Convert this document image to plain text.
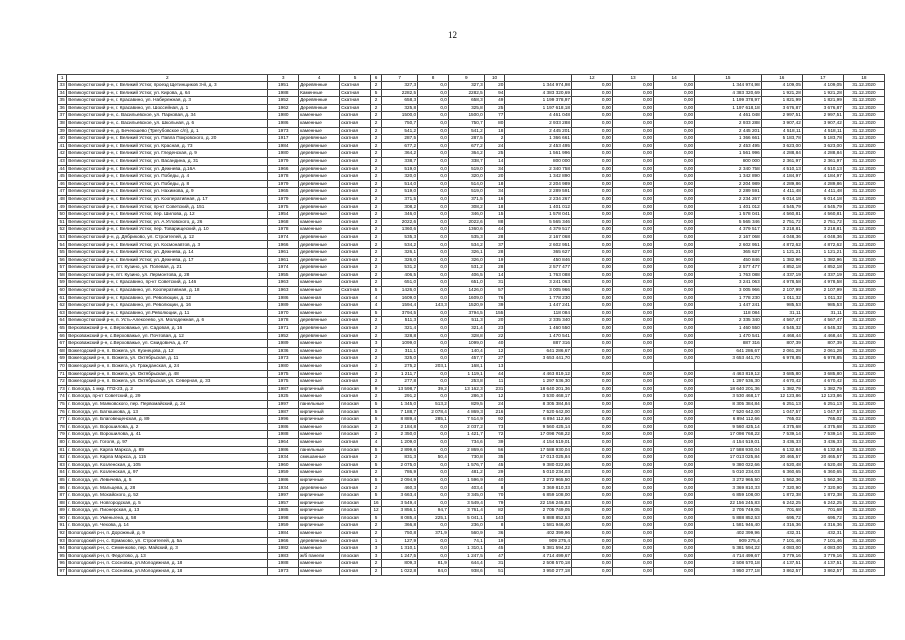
12
1	2	3	4	5	6	7	8	9	10		12	13	14	15	16	17	18
33	Великоустюгский р-н, г. Великий Устюг, проезд Щетинщиков 3-й, д. 3	1951	Деревянные	Скатная	2	327,3	0,0	327,3	20	1 344 974,98	0,00	0,00	0,00	1 344 974,98	4 109,05	4 109,05	31.12.2020
34	Великоустюгский р-н, г. Великий Устюг, ул. Кирова, д. 64	1988	Каменные	Скатная	5	2282,5	0,0	2282,5	94	4 383 320,69	0,00	0,00	0,00	4 383 320,69	1 921,28	1 921,28	31.12.2020
35	Великоустюгский р-н, г. Красавино, ул. Набережная, д. 3	1952	Деревянные	Скатная	2	658,3	0,0	658,3	49	1 199 378,97	0,00	0,00	0,00	1 199 378,97	1 821,99	1 821,99	31.12.2020
36	Великоустюгский р-н, г. Красавино, ул. Шоссейная, д. 1	1962	Деревянные	Скатная	2	325,8	0,0	325,8	25	1 197 618,18	0,00	0,00	0,00	1 197 618,18	3 676,87	3 676,87	31.12.2020
37	Великоустюгский р-н, с. Васильевское, ул. Парковая, д. 34	1980	каменные	скатная	2	1500,0	0,0	1500,0	77	4 461 048	0,00	0,00	0,00	4 461 048	2 997,51	2 997,51	31.12.2020
38	Великоустюгский р-н, с. Васильевское, ул. Школьная, д. 6	1986	каменные	скатная	2	750,7	0,0	750,7	80	2 933 288	0,00	0,00	0,00	2 933 288	3 907,42	3 907,42	31.12.2020
39	Великоустюгский р-н, д. Бечеюшево (Трегубовское с/п), д. 1	1973	каменные	скатная	2	541,2	0,0	541,2	18	2 445 201	0,00	0,00	0,00	2 445 201	4 518,11	4 518,11	31.12.2020
40	Великоустюгский р-н, г. Великий Устюг, ул. Павла Покровского, д. 20	1917	деревянные	скатная	2	287,5	0,0	287,5	2	1 366 661	0,00	0,00	0,00	1 366 661	5 183,78	5 183,78	31.12.2020
41	Великоустюгский р-н, г. Великий Устюг, ул. Красная, д. 73	1984	деревянные	скатная	2	677,2	0,0	677,2	24	2 453 495	0,00	0,00	0,00	2 453 495	3 623,00	3 623,00	31.12.2020
42	Великоустюгский р-н, г. Великий Устюг, ул. Гледенская, д. 9	1980	деревянные	скатная	2	364,2	0,0	364,2	25	1 561 996	0,00	0,00	0,00	1 561 996	4 288,84	4 288,84	31.12.2020
43	Великоустюгский р-н, г. Великий Устюг, ул. Васандина, д. 31	1979	деревянные	скатная	2	338,7	0,0	338,7	14	800 000	0,00	0,00	0,00	800 000	2 361,97	2 361,97	31.12.2020
44	Великоустюгский р-н, г. Великий Устюг, ул. Дежнева, д.16А	1966	деревянные	скатная	2	519,0	0,0	519,0	34	2 340 758	0,00	0,00	0,00	2 340 758	4 510,13	4 510,13	31.12.2020
45	Великоустюгский р-н, г. Великий Устюг, ул. Победы, д. 4	1978	деревянные	скатная	2	320,0	0,0	320,0	20	1 342 890	0,00	0,00	0,00	1 342 890	4 184,97	4 184,97	31.12.2020
46	Великоустюгский р-н, г. Великий Устюг, ул. Победы, д. 8	1979	деревянные	скатная	2	514,0	0,0	514,0	18	2 204 989	0,00	0,00	0,00	2 204 989	4 289,86	4 289,86	31.12.2020
47	Великоустюгский р-н, г. Великий Устюг, ул. Нахимова, д. 9	1965	деревянные	скатная	2	519,0	0,0	519,0	34	2 289 591	0,00	0,00	0,00	2 289 591	4 411,48	4 411,48	31.12.2020
48	Великоустюгский р-н, г. Великий Устюг, ул. Кооперативная, д. 17	1979	деревянные	скатная	2	371,5	0,0	371,5	16	2 234 267	0,00	0,00	0,00	2 234 267	6 014,18	6 014,18	31.12.2020
49	Великоустюгский р-н, г. Великий Устюг, пр-кт Советский, д. 151	1975	деревянные	скатная	2	308,2	0,0	308,2	18	1 401 012	0,00	0,00	0,00	1 401 012	4 545,79	4 545,79	31.12.2020
50	Великоустюгский р-н, г. Великий Устюг, пер. Шилова, д. 12	1954	деревянные	скатная	2	346,0	0,0	346,0	15	1 578 041	0,00	0,00	0,00	1 578 041	4 560,81	4 560,81	31.12.2020
51	Великоустюгский р-н, г. Великий Устюг, ул. А.Угловского, д. 26	1968	каменные	скатная	2	2022,6	0,0	2022,6	88	5 565 346	0,00	0,00	0,00	5 565 346	2 751,72	2 751,72	31.12.2020
52	Великоустюгский р-н, г. Великий Устюг, пер. Товарищеский, д. 10	1978	каменные	скатная	2	1360,6	0,0	1360,6	44	4 379 517	0,00	0,00	0,00	4 379 517	3 218,81	3 218,81	31.12.2020
53	Великоустюгский р-н, д. Дябриково, ул. Строителей, д. 12	1974	деревянные	скатная	2	535,3	0,0	535,3	28	2 167 068	0,00	0,00	0,00	2 167 068	4 048,36	4 048,36	31.12.2020
54	Великоустюгский р-н, г. Великий Устюг, ул. Космонавтов, д. 3	1966	деревянные	скатная	2	534,2	0,0	534,2	37	2 602 951	0,00	0,00	0,00	2 602 951	4 872,62	4 872,62	31.12.2020
55	Великоустюгский р-н, г. Великий Устюг, ул. Дежнева, д. 14	1961	деревянные	скатная	2	326,1	0,0	326,1	28	365 627	0,00	0,00	0,00	365 627	1 121,21	1 121,21	31.12.2020
56	Великоустюгский р-н, г. Великий Устюг, ул. Дежнева, д. 17	1961	деревянные	скатная	2	326,0	0,0	326,0	19	450 846	0,00	0,00	0,00	450 846	1 382,96	1 382,96	31.12.2020
57	Великоустюгский р-н, пгт. Кузино, ул. Полевая, д. 21	1974	деревянные	скатная	2	531,2	0,0	531,2	28	2 577 477	0,00	0,00	0,00	2 577 477	4 852,18	4 852,18	31.12.2020
58	Великоустюгский р-н, пгт. Кузино, ул. Лермонтова, д. 28	1955	деревянные	скатная	2	406,5	0,0	406,5	14	1 763 088	0,00	0,00	0,00	1 763 088	4 337,19	4 337,19	31.12.2020
59	Великоустюгский р-н, г. Красавино, пр-кт Советский, д. 146	1963	каменные	скатная	2	651,0	0,0	651,0	31	3 241 063	0,00	0,00	0,00	3 241 063	4 978,58	4 978,58	31.12.2020
60	Великоустюгский р-н, г. Красавино, ул. Кооперативная, д. 18	1963	каменные	Скатная	5	1426,0	0,0	1426,0	57	3 005 966	0,00	0,00	0,00	3 005 966	2 107,99	2 107,99	31.12.2020
61	Великоустюгский р-н, г. Красавино, ул. Революции, д. 12	1986	каменная	скатная	4	1609,0	0,0	1609,0	76	1 778 230	0,00	0,00	0,00	1 778 230	1 011,32	1 011,32	31.12.2020
62	Великоустюгский р-н, г. Красавино, ул. Революции, д. 16	1989	каменные	скатная	4	1594,4	143,3	1520,9	39	1 447 241	0,00	0,00	0,00	1 447 241	985,53	985,53	31.12.2020
63	Великоустюгский р-н, г. Красавино, ул.Революции, д. 11	1970	каменные	скатная	5	3794,5	0,0	3794,5	155	118 084	0,00	0,00	0,00	118 084	31,11	31,11	31.12.2020
64	Великоустюгский р-н, п. Усть-Алексеево, ул. Молодежная, д. 6	1978	деревянные	скатная	2	511,3	0,0	511,3	20	2 335 340	0,00	0,00	0,00	2 335 340	4 567,47	4 567,47	31.12.2020
65	Верховажский р-н, с.Верховажье, ул. Садовая, д. 16	1971	деревянные	скатная	2	321,4	0,0	321,4	23	1 460 550	0,00	0,00	0,00	1 460 550	4 545,32	4 545,32	31.12.2020
66	Верховажский р-н, с.Верховажье, ул. Почтовая, д. 12	1952	деревянные	скатная	2	328,8	0,0	328,8	22	1 470 541	0,00	0,00	0,00	1 470 541	4 468,44	4 468,44	31.12.2020
67	Верховажский р-н, с.Верховажье, ул. Смидовича, д. 47	1989	каменные	скатная	3	1099,0	0,0	1099,0	40	887 316	0,00	0,00	0,00	887 316	807,39	807,39	31.12.2020
68	Вожегодский р-н, п. Вожега, ул. Кузнецова, д. 12	1936	каменные	скатная	2	311,1	0,0	140,4	12	641 286,67	0,00	0,00	0,00	641 286,67	2 061,28	2 061,28	31.12.2020
69	Вожегодский р-н, п. Вожега, ул. Октябрьская, д. 11	1973	каменные	скатная	2	325,0	0,0	457,7	27	3 653 441,70	0,00	0,00	0,00	3 653 441,70	6 978,85	6 978,85	31.12.2020
70	Вожегодский р-н, п. Вожега, ул. Гражданская, д. 24	1980	каменные	скатная	2	275,2	203,1	168,1	13								31.12.2020
71	Вожегодский р-н, п. Вожега, ул. Октябрьская, д. 48	1975	каменные	скатная	2	1 211,7	0,0	1 119,1	44	4 463 819,12	0,00	0,00	0,00	4 463 819,12	3 685,80	3 685,80	31.12.2020
72	Вожегодский р-н, п. Вожега, ул. Октябрьская, ул. Северная, д. 33	1975	каменные	скатная	2	277,8	0,0	253,8	11	1 297 536,30	0,00	0,00	0,00	1 297 536,30	4 670,42	4 670,42	31.12.2020
73	г. Вологда, 1 мкр. ГПЗ-23, д. 2	1987	кирпичный	плоская	9	13 598,7	39,2	13 162,3	231	18 640 201,36	0,00	0,00	0,00	18 640 201,36	1 382,79	1 382,79	31.12.2020
74	г. Вологда, пр-кт Советский, д. 29	1925	каменные	скатная	2	291,2	0,0	286,3	12	3 530 468,17	0,00	0,00	0,00	3 530 468,17	12 123,86	12 123,86	31.12.2020
75	г. Вологда, ул. Маяковского, пер. Первомайский, д. 24	1997	панельные	плоская	5	1 345,0	513,2	829,5	24	8 305 384,84	0,00	0,00	0,00	8 305 384,84	6 251,13	6 251,13	31.12.2020
76	г. Вологда, ул. Батюшкова, д. 13	1987	кирпичный	плоская	5	7 188,7	2 078,4	4 869,3	216	7 520 642,00	0,00	0,00	0,00	7 520 642,00	1 047,57	1 047,57	31.12.2020
77	г. Вологда, ул. Благовещенская, д. 89	1996	кирпичные	плоская	5	8 889,4	285,1	7 514,9	92	6 894 112,66	0,00	0,00	0,00	6 894 112,66	765,02	765,02	31.12.2020
78	г. Вологда, ул. Ворошилова, д. 2	1986	каменные	плоская	2	2 184,8	0,0	2 037,2	73	9 560 425,14	0,00	0,00	0,00	9 560 425,14	4 375,68	4 375,68	31.12.2020
79	г. Вологда, ул. Ворошилова, д. 41	1988	каменные	плоская	2	2 350,0	0,0	1 421,7	72	17 098 768,22	0,00	0,00	0,00	17 098 768,22	7 539,14	7 539,14	31.12.2020
80	г. Вологда, ул. Гоголя, д. 97	1964	каменные	скатная	4	1 209,0	0,0	734,6	39	4 154 519,01	0,00	0,00	0,00	4 154 519,01	3 436,33	3 436,33	31.12.2020
81	г. Вологда, ул. Карла Маркса, д. 89	1986	панельные	плоская	5	2 899,6	0,0	2 869,6	56	17 588 930,04	0,00	0,00	0,00	17 588 930,04	6 132,84	6 132,84	31.12.2020
82	г. Вологда, ул. Карла Маркса, д. 115	1934	смешанные	скатная	2	831,3	50,4	730,8	35	17 013 025,84	0,00	0,00	0,00	17 013 025,84	20 465,57	20 465,57	31.12.2020
83	г. Вологда, ул. Козленская, д. 105	1960	каменные	скатная	5	2 075,0	0,0	1 576,7	45	9 380 022,66	0,00	0,00	0,00	9 380 022,66	4 520,48	4 520,48	31.12.2020
84	г. Вологда, ул. Козленская, д. 97	1959	каменные	скатная	2	786,9	0,0	481,2	29	5 010 234,03	0,00	0,00	0,00	5 010 234,03	6 360,65	6 360,65	31.12.2020
85	г. Вологда, ул. Левичева, д. 5	1986	кирпичные	плоская	5	2 094,9	0,0	1 596,9	40	3 272 965,50	0,00	0,00	0,00	3 272 965,50	1 562,36	1 562,36	31.12.2020
86	г. Вологда, ул. Мальцева, д. 28	1934	деревянные	скатная	2	460,3	0,0	403,4	8	3 369 810,33	0,00	0,00	0,00	3 369 810,33	7 320,90	7 320,90	31.12.2020
87	г. Вологда, ул. Мохайского, д. 52	1997	кирпичные	плоская	5	3 663,4	0,0	3 345,0	70	6 859 108,00	0,00	0,00	0,00	6 859 108,00	1 872,38	1 872,38	31.12.2020
88	г. Вологда, ул. Новгородская, д. 5	1957	кирпичные	плоская	16	3 549,4	0,0	3 549,4	79	22 156 245,83	0,00	0,00	0,00	22 156 245,83	6 242,25	6 242,25	31.12.2020
89	г. Вологда, ул. Пионерская, д. 13	1985	кирпичные	плоская	12	3 856,1	94,7	3 761,4	82	2 705 749,05	0,00	0,00	0,00	2 705 749,05	701,68	701,68	31.12.2020
90	г. Вологда, ул. Уменьгена, д. 58	1998	кирпичные	плоская	5	8 085,4	225,1	5 041,1	143	5 888 852,53	0,00	0,00	0,00	5 888 852,53	695,72	695,72	31.12.2020
91	г. Вологда, ул. Чехова, д. 14	1959	кирпичные	скатная	2	366,8	0,0	236,0	8	1 581 946,40	0,00	0,00	0,00	1 581 946,40	4 316,36	4 316,36	31.12.2020
92	Вологодский р-н, п. Дорожный, д. 9	1984	каменные	скатная	2	750,8	371,9	560,9	36	402 399,96	0,00	0,00	0,00	402 399,96	432,31	432,31	31.12.2020
93	Вологодский р-н, с. Ермаково, ул. Строителей, д. 5а	1966	деревянные	скатная	1	127,9	0,0	74,1	19	909 275,4	0,00	0,00	0,00	909 275,4	7 101,46	7 101,46	31.12.2020
94	Вологодский р-н, с. Семенково, пер. Майский, д. 3	1982	каменные	скатная	3	1 310,1	0,0	1 310,1	45	5 381 594,22	0,00	0,00	0,00	5 381 594,22	4 083,00	4 083,00	31.12.2020
95	Вологодский р-н, п. Федотово, д. 13	1983	ж/б панели	плоская	3	1 247,5	0,0	1 247,5	47	4 714 499,67	0,00	0,00	0,00	4 714 499,67	3 779,16	3 779,16	31.12.2020
96	Вологодский р-н, п. Сосновка, ул.Молодежная, д. 18	1988	каменные	скатная	2	809,3	81,9	644,4	31	2 508 570,18	0,00	0,00	0,00	2 508 570,18	4 137,51	4 137,51	31.12.2020
97	Вологодский р-н, п. Сосновка, ул.Молодежная, д. 18	1973	каменные	скатная	2	1 022,8	84,0	938,6	51	3 950 277,18	0,00	0,00	0,00	3 950 277,18	3 862,57	3 862,57	31.12.2020
